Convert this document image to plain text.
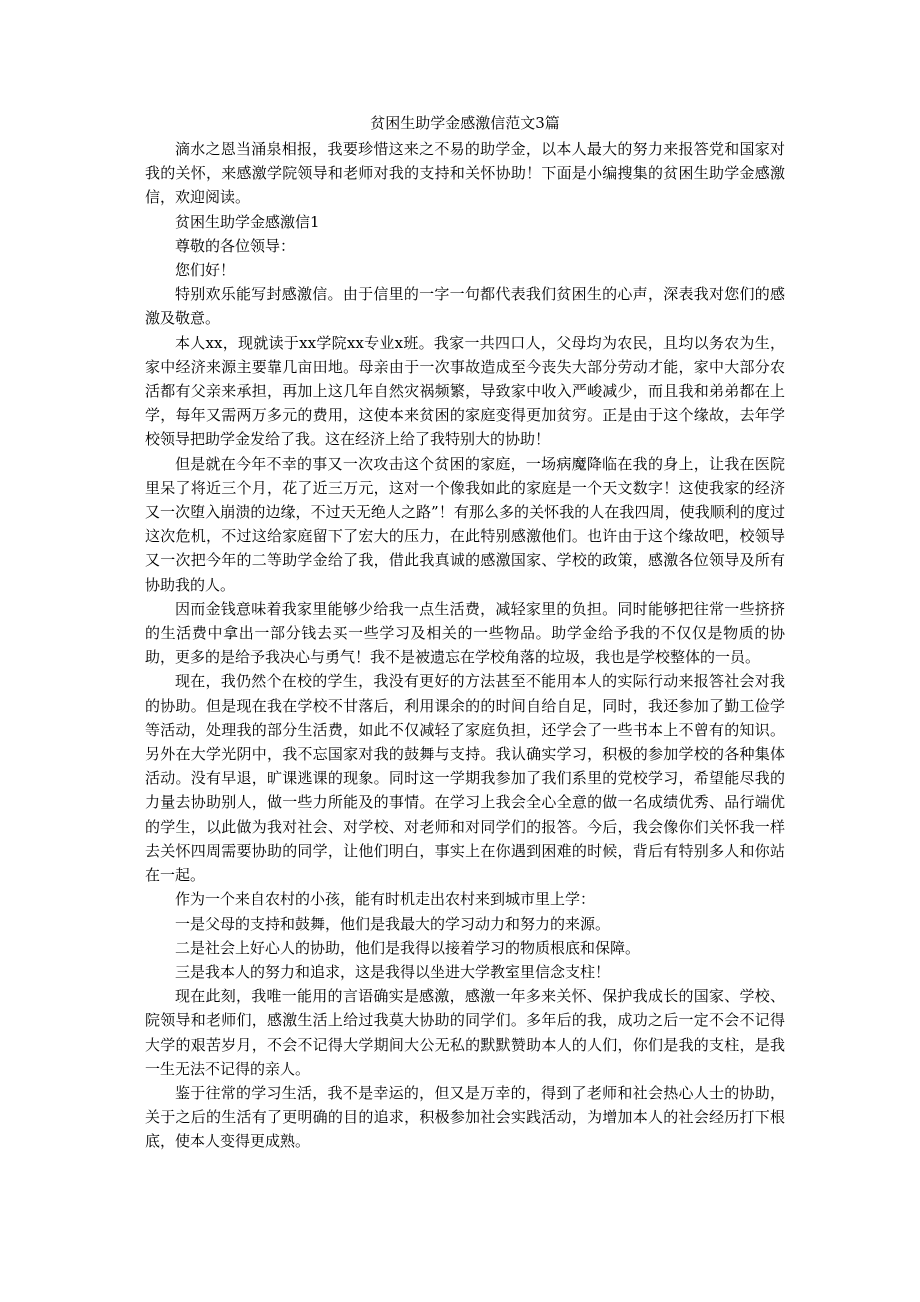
贫困生助学金感激信范文3篇

滴水之恩当涌泉相报，我要珍惜这来之不易的助学金，以本人最大的努力来报答党和国家对我的关怀，来感激学院领导和老师对我的支持和关怀协助！下面是小编搜集的贫困生助学金感激信，欢迎阅读。

贫困生助学金感激信1

尊敬的各位领导：

您们好！

特别欢乐能写封感激信。由于信里的一字一句都代表我们贫困生的心声，深表我对您们的感激及敬意。

本人xx，现就读于xx学院xx专业x班。我家一共四口人，父母均为农民，且均以务农为生，家中经济来源主要靠几亩田地。母亲由于一次事故造成至今丧失大部分劳动才能，家中大部分农活都有父亲来承担，再加上这几年自然灾祸频繁，导致家中收入严峻减少，而且我和弟弟都在上学，每年又需两万多元的费用，这使本来贫困的家庭变得更加贫穷。正是由于这个缘故，去年学校领导把助学金发给了我。这在经济上给了我特别大的协助！

但是就在今年不幸的事又一次攻击这个贫困的家庭，一场病魔降临在我的身上，让我在医院里呆了将近三个月，花了近三万元，这对一个像我如此的家庭是一个天文数字！这使我家的经济又一次堕入崩溃的边缘，不过天无绝人之路”！有那么多的关怀我的人在我四周，使我顺利的度过这次危机，不过这给家庭留下了宏大的压力，在此特别感激他们。也许由于这个缘故吧，校领导又一次把今年的二等助学金给了我，借此我真诚的感激国家、学校的政策，感激各位领导及所有协助我的人。

因而金钱意味着我家里能够少给我一点生活费，减轻家里的负担。同时能够把往常一些挤挤的生活费中拿出一部分钱去买一些学习及相关的一些物品。助学金给予我的不仅仅是物质的协助，更多的是给予我决心与勇气！我不是被遗忘在学校角落的垃圾，我也是学校整体的一员。

现在，我仍然个在校的学生，我没有更好的方法甚至不能用本人的实际行动来报答社会对我的协助。但是现在我在学校不甘落后，利用课余的的时间自给自足，同时，我还参加了勤工俭学等活动，处理我的部分生活费，如此不仅减轻了家庭负担，还学会了一些书本上不曾有的知识。另外在大学光阴中，我不忘国家对我的鼓舞与支持。我认确实学习，积极的参加学校的各种集体活动。没有早退，旷课逃课的现象。同时这一学期我参加了我们系里的党校学习，希望能尽我的力量去协助别人，做一些力所能及的事情。在学习上我会全心全意的做一名成绩优秀、品行端优的学生，以此做为我对社会、对学校、对老师和对同学们的报答。今后，我会像你们关怀我一样去关怀四周需要协助的同学，让他们明白，事实上在你遇到困难的时候，背后有特别多人和你站在一起。

作为一个来自农村的小孩，能有时机走出农村来到城市里上学：

一是父母的支持和鼓舞，他们是我最大的学习动力和努力的来源。

二是社会上好心人的协助，他们是我得以接着学习的物质根底和保障。

三是我本人的努力和追求，这是我得以坐进大学教室里信念支柱！

现在此刻，我唯一能用的言语确实是感激，感激一年多来关怀、保护我成长的国家、学校、院领导和老师们，感激生活上给过我莫大协助的同学们。多年后的我，成功之后一定不会不记得大学的艰苦岁月，不会不记得大学期间大公无私的默默赞助本人的人们，你们是我的支柱，是我一生无法不记得的亲人。

鉴于往常的学习生活，我不是幸运的，但又是万幸的，得到了老师和社会热心人士的协助，关于之后的生活有了更明确的目的追求，积极参加社会实践活动，为增加本人的社会经历打下根底，使本人变得更成熟。
